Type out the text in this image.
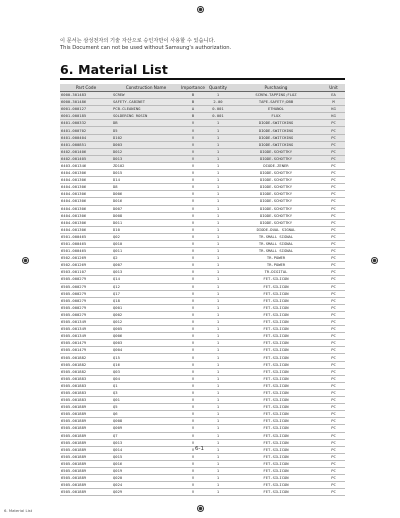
이 문서는 삼성전자의 기술 자산으로 승인자만이 사용할 수 있습니다.
This Document can not be used without Samsung's authorization.
6. Material List
Part Code	Construction Name	Importance	Quantity	Purchasing	Unit
6000-301483	SCREW	B	1	SCREW-TAPPING;FLOZ	EA
6000-301486	SAFETY-CABINET	B	2.00	TAPE-SAFETY;DBB	M
6001-000127	PCB-CLEANING	A	0.001	ETHANOL	KG
6001-000185	SOLDERING ROSIN	B	0.001	FLUX	KG
6401-000332	DB	V	1	DIODE-SWITCHING	PC
6401-000702	D5	V	1	DIODE-SWITCHING	PC
6401-000404	D102	V	1	DIODE-SWITCHING	PC
6401-000851	D003	V	1	DIODE-SWITCHING	PC
6402-001406	D012	V	1	DIODE-SCHOTTKY	PC
6402-001405	D013	V	1	DIODE-SCHOTTKY	PC
6403-001346	ZD102	V	1	DIODE-ZENER	PC
6404-001306	D015	V	1	DIODE-SCHOTTKY	PC
6404-001306	D14	V	1	DIODE-SCHOTTKY	PC
6404-001306	D8	V	1	DIODE-SCHOTTKY	PC
6404-001306	D006	V	1	DIODE-SCHOTTKY	PC
6404-001306	D016	V	1	DIODE-SCHOTTKY	PC
6404-001306	D007	V	1	DIODE-SCHOTTKY	PC
6404-001306	D008	V	1	DIODE-SCHOTTKY	PC
6404-001306	D011	V	1	DIODE-SCHOTTKY	PC
6404-001306	D10	V	1	DIODE-DUAL SIGNAL	PC
6501-000465	Q02	V	1	TR-SMALL SIGNAL	PC
6501-000465	Q010	V	1	TR-SMALL SIGNAL	PC
6501-000465	Q011	V	1	TR-SMALL SIGNAL	PC
6502-001269	Q2	V	1	TR-POWER	PC
6502-001269	Q007	V	1	TR-POWER	PC
6503-001107	Q013	V	1	TR-DIGITAL	PC
6505-000279	Q14	V	1	FET-SILICON	PC
6505-000279	Q12	V	1	FET-SILICON	PC
6505-000279	Q17	V	1	FET-SILICON	PC
6505-000279	Q18	V	1	FET-SILICON	PC
6505-000279	Q001	V	1	FET-SILICON	PC
6505-000279	Q002	V	1	FET-SILICON	PC
6505-001349	Q012	V	1	FET-SILICON	PC
6505-001349	Q005	V	1	FET-SILICON	PC
6505-001349	Q006	V	1	FET-SILICON	PC
6505-001479	Q003	V	1	FET-SILICON	PC
6505-001479	Q004	V	1	FET-SILICON	PC
6505-001882	Q15	V	1	FET-SILICON	PC
6505-001882	Q16	V	1	FET-SILICON	PC
6505-001882	Q03	V	1	FET-SILICON	PC
6505-001883	Q04	V	1	FET-SILICON	PC
6505-001883	Q1	V	1	FET-SILICON	PC
6505-001883	Q3	V	1	FET-SILICON	PC
6505-001883	Q01	V	1	FET-SILICON	PC
6505-001889	Q5	V	1	FET-SILICON	PC
6505-001889	Q6	V	1	FET-SILICON	PC
6505-001889	Q008	V	1	FET-SILICON	PC
6505-001889	Q009	V	1	FET-SILICON	PC
6505-001889	Q7	V	1	FET-SILICON	PC
6505-001889	Q013	V	1	FET-SILICON	PC
6505-001889	Q014	V	1	FET-SILICON	PC
6505-001889	Q015	V	1	FET-SILICON	PC
6505-001889	Q016	V	1	FET-SILICON	PC
6505-001889	Q019	V	1	FET-SILICON	PC
6505-001889	Q020	V	1	FET-SILICON	PC
6505-001889	Q024	V	1	FET-SILICON	PC
6505-001889	Q029	V	1	FET-SILICON	PC
6-1
6. Material List
